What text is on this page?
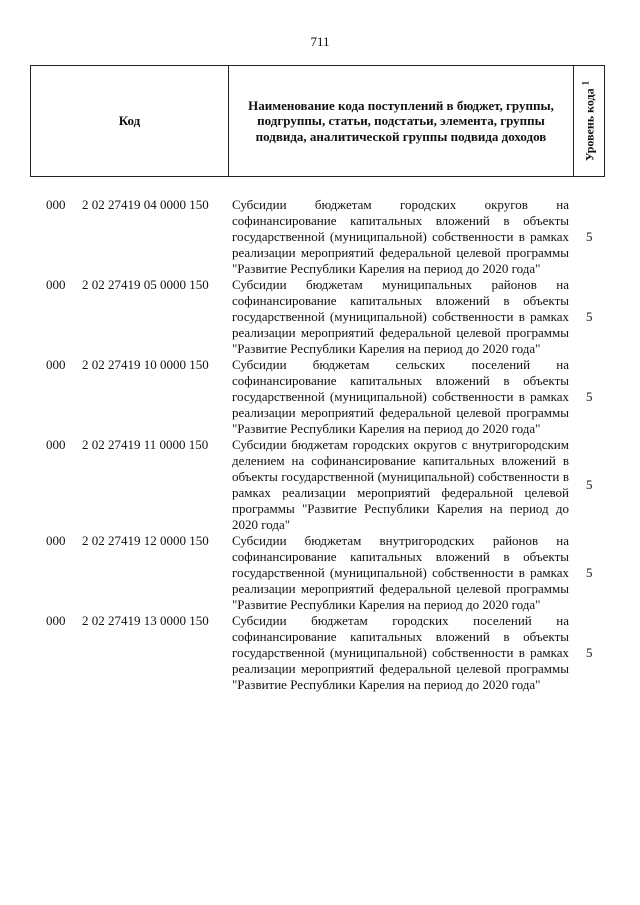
711
Код
Наименование кода поступлений в бюджет, группы, подгруппы, статьи, подстатьи, элемента, группы подвида, аналитической группы подвида доходов	Уровень кода $^1$
000 2 02 27419 04 0000 150 Субсидии бюджетам городских округов на софинансирование капитальных вложений в объекты государственной (муниципальной) собственности в рамках реализации мероприятий федеральной целевой программы "Развитие Республики Карелия на период до 2020 года"
5
000 2 02 27419 05 0000 150 Субсидии бюджетам муниципальных районов на софинансирование капитальных вложений в объекты государственной (муниципальной) собственности в рамках реализации мероприятий федеральной целевой программы "Развитие Республики Карелия на период до 2020 года"
5
000 2 02 27419 10 0000 150 Субсидии бюджетам сельских поселений на софинансирование капитальных вложений в объекты государственной (муниципальной) собственности в рамках реализации мероприятий федеральной целевой программы "Развитие Республики Карелия на период до 2020 года"
5
000 2 02 27419 11 0000 150 Субсидии бюджетам городских округов с внутригородским делением на софинансирование капитальных вложений в объекты государственной (муниципальной) собственности в рамках реализации мероприятий федеральной целевой программы "Развитие Республики Карелия на период до 2020 года"
5
000 2 02 27419 12 0000 150 Субсидии бюджетам внутригородских районов на софинансирование капитальных вложений в объекты государственной (муниципальной) собственности в рамках реализации мероприятий федеральной целевой программы "Развитие Республики Карелия на период до 2020 года"
5
000 2 02 27419 13 0000 150 Субсидии бюджетам городских поселений на софинансирование капитальных вложений в объекты государственной (муниципальной) собственности в рамках реализации мероприятий федеральной целевой программы "Развитие Республики Карелия на период до 2020 года"
5
